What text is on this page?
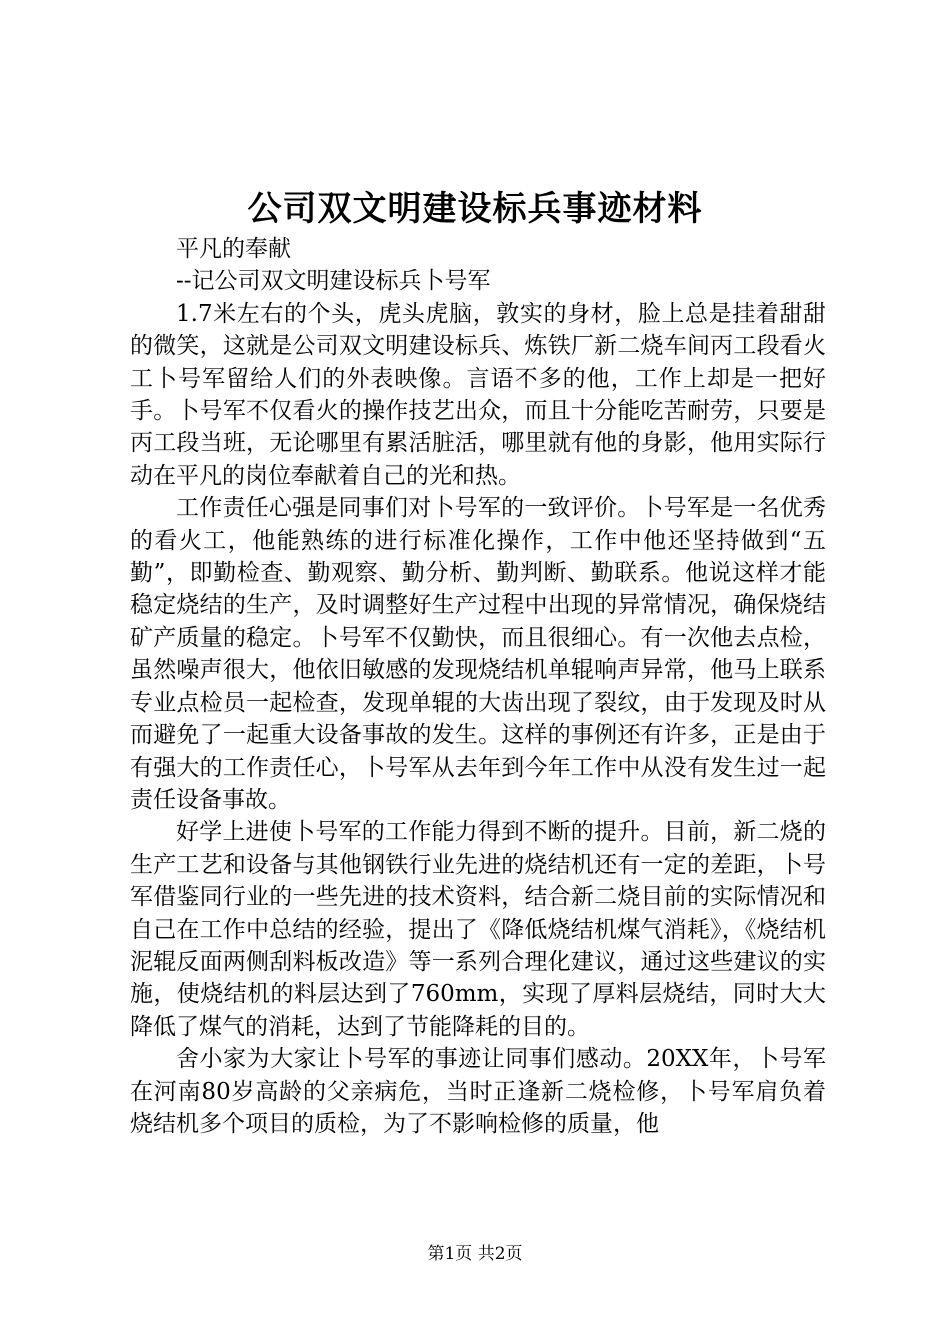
公司双文明建设标兵事迹材料

平凡的奉献

--记公司双文明建设标兵卜号军

1.7米左右的个头，虎头虎脑，敦实的身材，脸上总是挂着甜甜的微笑，这就是公司双文明建设标兵、炼铁厂新二烧车间丙工段看火工卜号军留给人们的外表映像。言语不多的他，工作上却是一把好手。卜号军不仅看火的操作技艺出众，而且十分能吃苦耐劳，只要是丙工段当班，无论哪里有累活脏活，哪里就有他的身影，他用实际行动在平凡的岗位奉献着自己的光和热。

工作责任心强是同事们对卜号军的一致评价。卜号军是一名优秀的看火工，他能熟练的进行标准化操作，工作中他还坚持做到“五勤”，即勤检查、勤观察、勤分析、勤判断、勤联系。他说这样才能稳定烧结的生产，及时调整好生产过程中出现的异常情况，确保烧结矿产质量的稳定。卜号军不仅勤快，而且很细心。有一次他去点检，虽然噪声很大，他依旧敏感的发现烧结机单辊响声异常，他马上联系专业点检员一起检查，发现单辊的大齿出现了裂纹，由于发现及时从而避免了一起重大设备事故的发生。这样的事例还有许多，正是由于有强大的工作责任心，卜号军从去年到今年工作中从没有发生过一起责任设备事故。

好学上进使卜号军的工作能力得到不断的提升。目前，新二烧的生产工艺和设备与其他钢铁行业先进的烧结机还有一定的差距，卜号军借鉴同行业的一些先进的技术资料，结合新二烧目前的实际情况和自己在工作中总结的经验，提出了《降低烧结机煤气消耗》，《烧结机泥辊反面两侧刮料板改造》等一系列合理化建议，通过这些建议的实施，使烧结机的料层达到了760mm，实现了厚料层烧结，同时大大降低了煤气的消耗，达到了节能降耗的目的。

舍小家为大家让卜号军的事迹让同事们感动。20XX年，卜号军在河南80岁高龄的父亲病危，当时正逢新二烧检修，卜号军肩负着烧结机多个项目的质检，为了不影响检修的质量，他

第1页 共2页
